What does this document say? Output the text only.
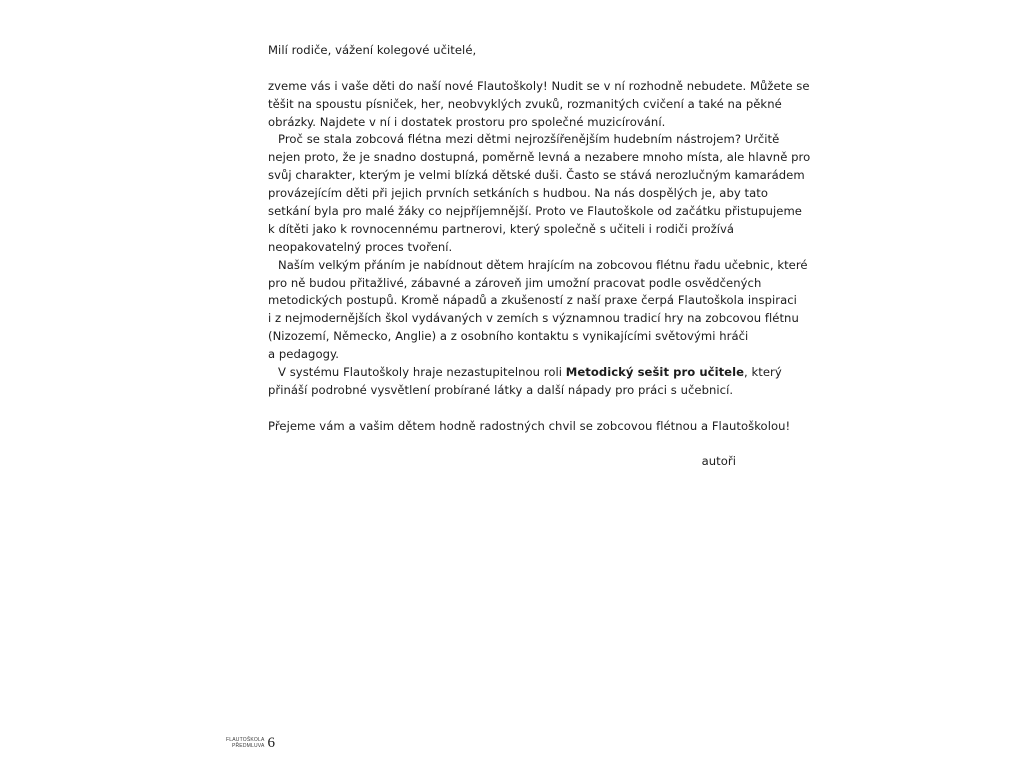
Milí rodiče, vážení kolegové učitelé,
zveme vás i vaše děti do naší nové Flautoškoly! Nudit se v ní rozhodně nebudete. Můžete se
těšit na spoustu písniček, her, neobvyklých zvuků, rozmanitých cvičení a také na pěkné
obrázky. Najdete v ní i dostatek prostoru pro společné muzicírování.
Proč se stala zobcová flétna mezi dětmi nejrozšířenějším hudebním nástrojem? Určitě
nejen proto, že je snadno dostupná, poměrně levná a nezabere mnoho místa, ale hlavně pro
svůj charakter, kterým je velmi blízká dětské duši. Často se stává nerozlučným kamarádem
provázejícím děti při jejich prvních setkáních s hudbou. Na nás dospělých je, aby tato
setkání byla pro malé žáky co nejpříjemnější. Proto ve Flautoškole od začátku přistupujeme
k dítěti jako k rovnocennému partnerovi, který společně s učiteli i rodiči prožívá
neopakovatelný proces tvoření.
Naším velkým přáním je nabídnout dětem hrajícím na zobcovou flétnu řadu učebnic, které
pro ně budou přitažlivé, zábavné a zároveň jim umožní pracovat podle osvědčených
metodických postupů. Kromě nápadů a zkušeností z naší praxe čerpá Flautoškola inspiraci
i z nejmodernějších škol vydávaných v zemích s významnou tradicí hry na zobcovou flétnu
(Nizozemí, Německo, Anglie) a z osobního kontaktu s vynikajícími světovými hráči
a pedagogy.
V systému Flautoškoly hraje nezastupitelnou roli Metodický sešit pro učitele, který
přináší podrobné vysvětlení probírané látky a další nápady pro práci s učebnicí.
Přejeme vám a vašim dětem hodně radostných chvil se zobcovou flétnou a Flautoškolou!
autoři
FLAUTOŠKOLA
PŘEDMLUVA 6
